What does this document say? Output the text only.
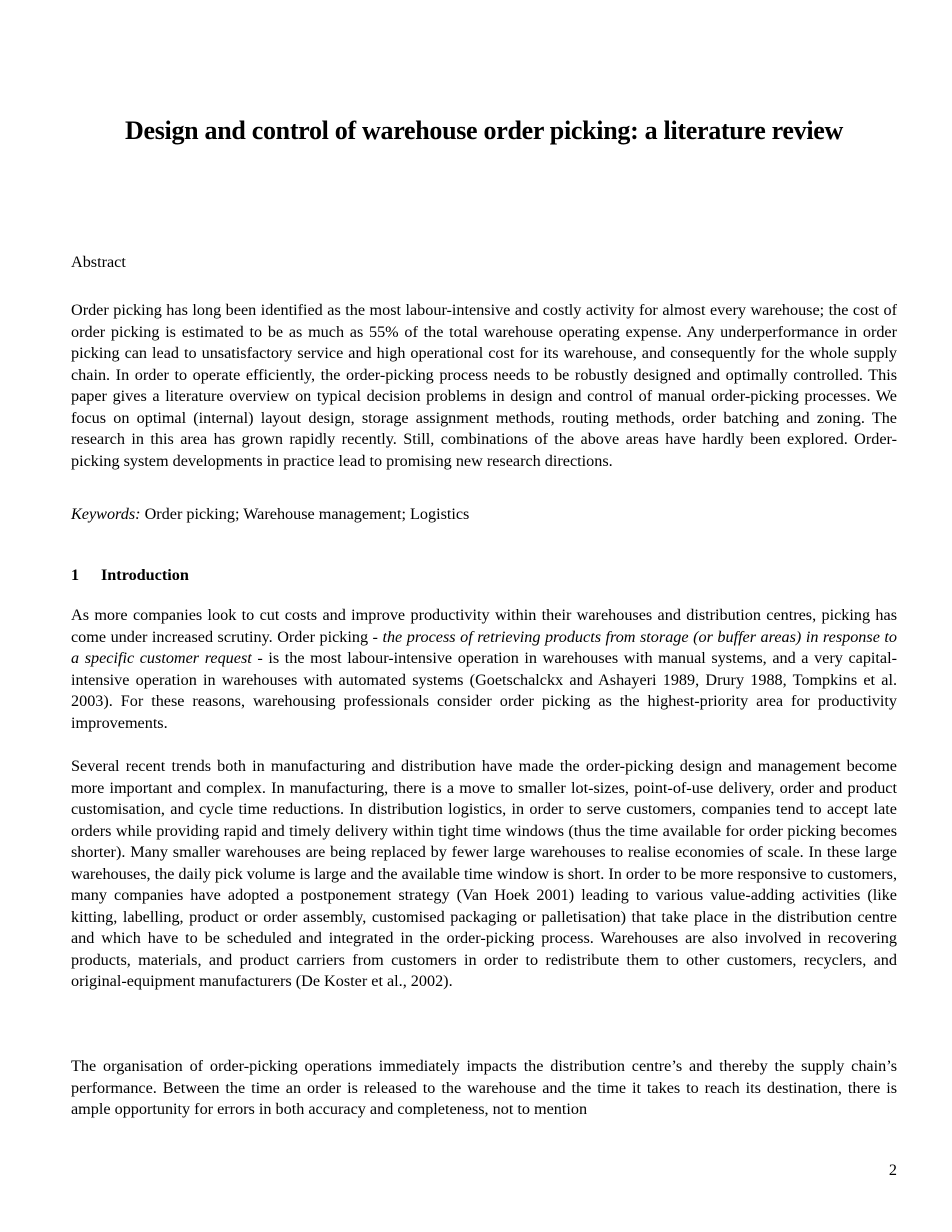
Design and control of warehouse order picking: a literature review
Abstract

Order picking has long been identified as the most labour-intensive and costly activity for almost every warehouse; the cost of order picking is estimated to be as much as 55% of the total warehouse operating expense. Any underperformance in order picking can lead to unsatisfactory service and high operational cost for its warehouse, and consequently for the whole supply chain. In order to operate efficiently, the order-picking process needs to be robustly designed and optimally controlled. This paper gives a literature overview on typical decision problems in design and control of manual order-picking processes. We focus on optimal (internal) layout design, storage assignment methods, routing methods, order batching and zoning. The research in this area has grown rapidly recently. Still, combinations of the above areas have hardly been explored. Order-picking system developments in practice lead to promising new research directions.

Keywords: Order picking; Warehouse management; Logistics

1 Introduction

As more companies look to cut costs and improve productivity within their warehouses and distribution centres, picking has come under increased scrutiny. Order picking - the process of retrieving products from storage (or buffer areas) in response to a specific customer request - is the most labour-intensive operation in warehouses with manual systems, and a very capital-intensive operation in warehouses with automated systems (Goetschalckx and Ashayeri 1989, Drury 1988, Tompkins et al. 2003). For these reasons, warehousing professionals consider order picking as the highest-priority area for productivity improvements.

Several recent trends both in manufacturing and distribution have made the order-picking design and management become more important and complex. In manufacturing, there is a move to smaller lot-sizes, point-of-use delivery, order and product customisation, and cycle time reductions. In distribution logistics, in order to serve customers, companies tend to accept late orders while providing rapid and timely delivery within tight time windows (thus the time available for order picking becomes shorter). Many smaller warehouses are being replaced by fewer large warehouses to realise economies of scale. In these large warehouses, the daily pick volume is large and the available time window is short. In order to be more responsive to customers, many companies have adopted a postponement strategy (Van Hoek 2001) leading to various value-adding activities (like kitting, labelling, product or order assembly, customised packaging or palletisation) that take place in the distribution centre and which have to be scheduled and integrated in the order-picking process. Warehouses are also involved in recovering products, materials, and product carriers from customers in order to redistribute them to other customers, recyclers, and original-equipment manufacturers (De Koster et al., 2002).

The organisation of order-picking operations immediately impacts the distribution centre’s and thereby the supply chain’s performance. Between the time an order is released to the warehouse and the time it takes to reach its destination, there is ample opportunity for errors in both accuracy and completeness, not to mention

2
